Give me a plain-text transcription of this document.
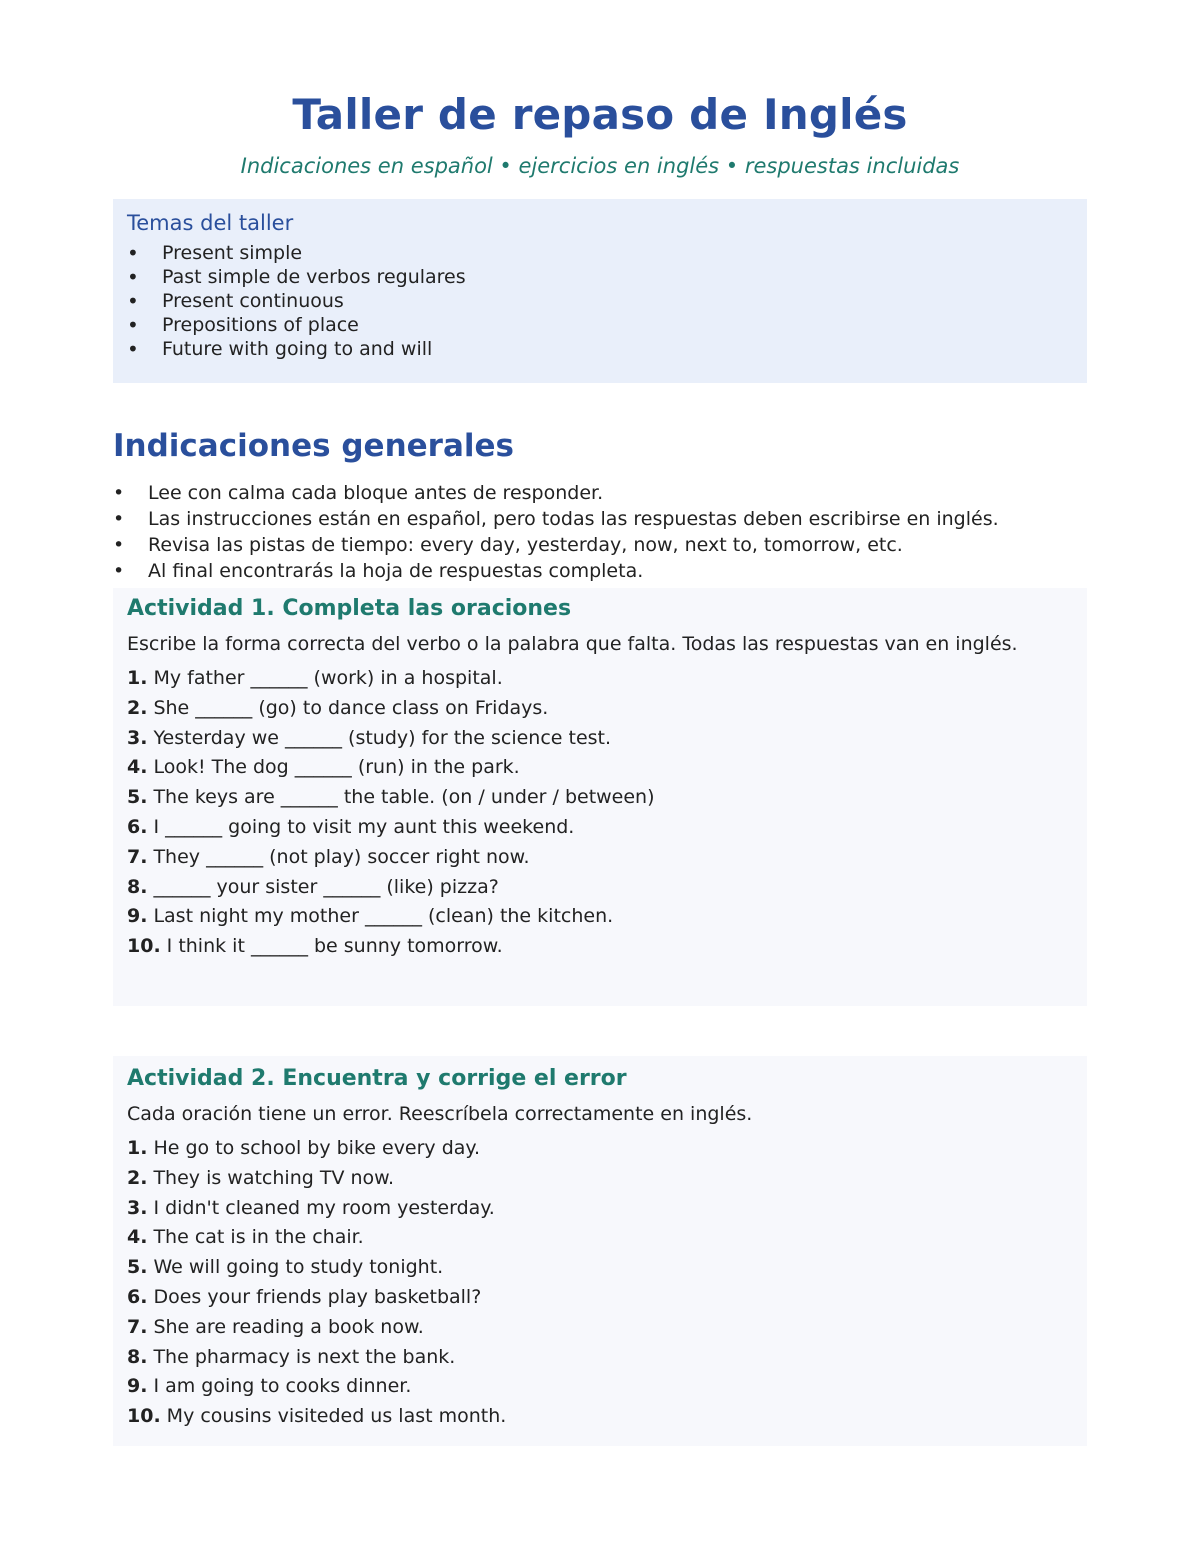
Taller de repaso de Inglés
Indicaciones en español • ejercicios en inglés • respuestas incluidas
Temas del taller
• Present simple
• Past simple de verbos regulares
• Present continuous
• Prepositions of place
• Future with going to and will
Indicaciones generales
• Lee con calma cada bloque antes de responder.
• Las instrucciones están en español, pero todas las respuestas deben escribirse en inglés.
• Revisa las pistas de tiempo: every day, yesterday, now, next to, tomorrow, etc.
• Al final encontrarás la hoja de respuestas completa.
Actividad 1. Completa las oraciones
Escribe la forma correcta del verbo o la palabra que falta. Todas las respuestas van en inglés.
1. My father ______ (work) in a hospital.
2. She ______ (go) to dance class on Fridays.
3. Yesterday we ______ (study) for the science test.
4. Look! The dog ______ (run) in the park.
5. The keys are ______ the table. (on / under / between)
6. I ______ going to visit my aunt this weekend.
7. They ______ (not play) soccer right now.
8. ______ your sister ______ (like) pizza?
9. Last night my mother ______ (clean) the kitchen.
10. I think it ______ be sunny tomorrow.
Actividad 2. Encuentra y corrige el error
Cada oración tiene un error. Reescríbela correctamente en inglés.
1. He go to school by bike every day.
2. They is watching TV now.
3. I didn't cleaned my room yesterday.
4. The cat is in the chair.
5. We will going to study tonight.
6. Does your friends play basketball?
7. She are reading a book now.
8. The pharmacy is next the bank.
9. I am going to cooks dinner.
10. My cousins visiteded us last month.
